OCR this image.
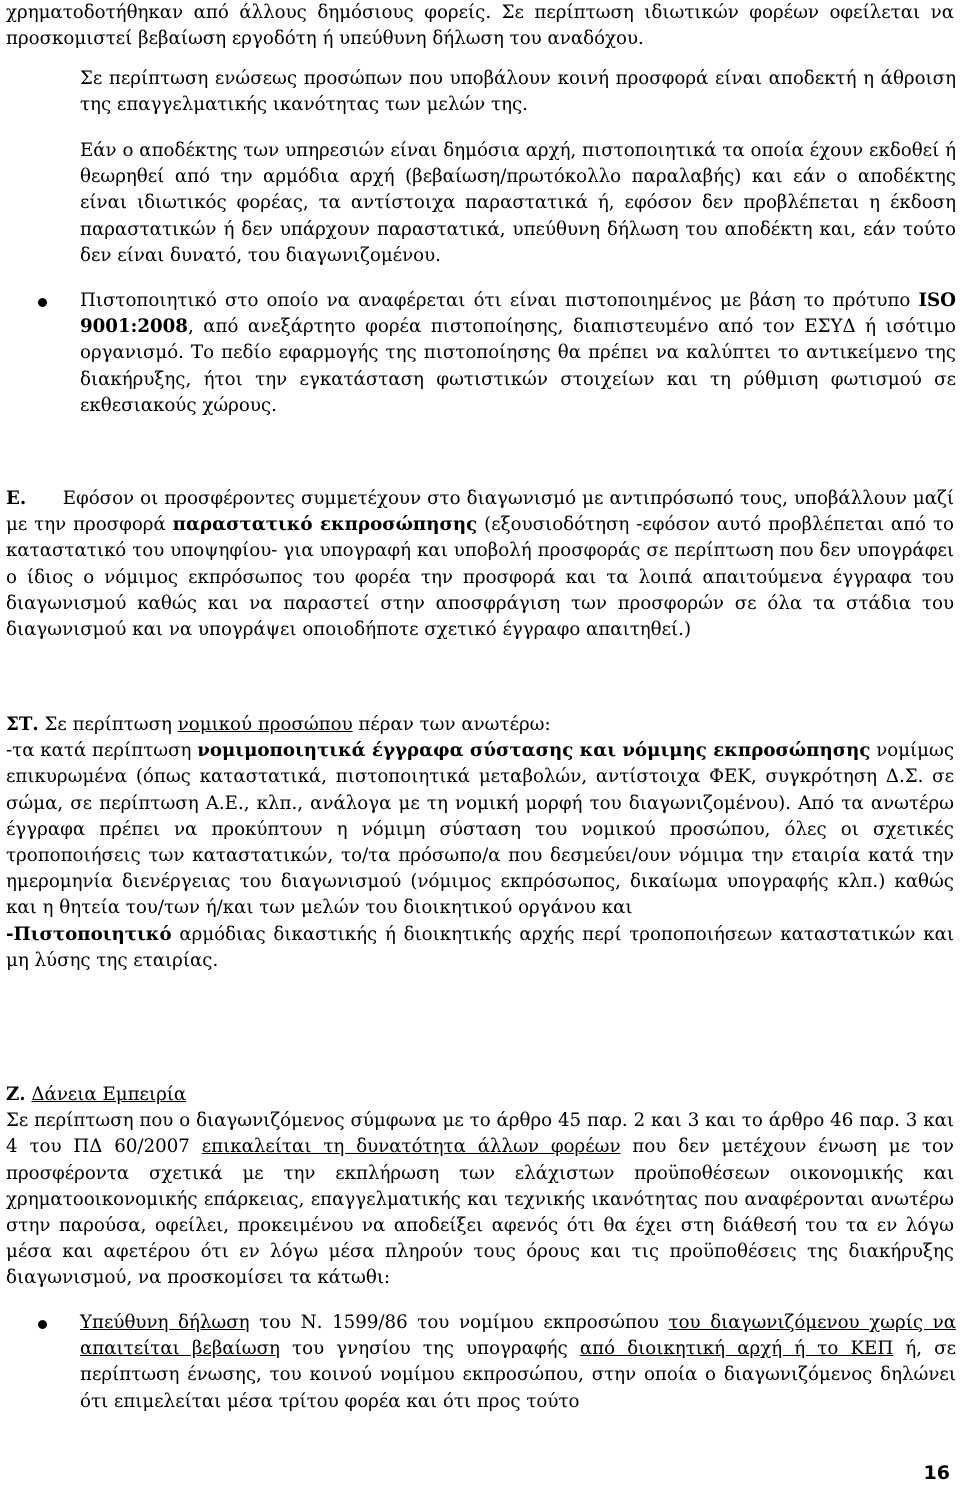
χρηματοδοτήθηκαν από άλλους δημόσιους φορείς. Σε περίπτωση ιδιωτικών φορέων οφείλεται να προσκομιστεί βεβαίωση εργοδότη ή υπεύθυνη δήλωση του αναδόχου.
Σε περίπτωση ενώσεως προσώπων που υποβάλουν κοινή προσφορά είναι αποδεκτή η άθροιση της επαγγελματικής ικανότητας των μελών της.
Εάν ο αποδέκτης των υπηρεσιών είναι δημόσια αρχή, πιστοποιητικά τα οποία έχουν εκδοθεί ή θεωρηθεί από την αρμόδια αρχή (βεβαίωση/πρωτόκολλο παραλαβής) και εάν ο αποδέκτης είναι ιδιωτικός φορέας, τα αντίστοιχα παραστατικά ή, εφόσον δεν προβλέπεται η έκδοση παραστατικών ή δεν υπάρχουν παραστατικά, υπεύθυνη δήλωση του αποδέκτη και, εάν τούτο δεν είναι δυνατό, του διαγωνιζομένου.
Πιστοποιητικό στο οποίο να αναφέρεται ότι είναι πιστοποιημένος με βάση το πρότυπο ISO 9001:2008, από ανεξάρτητο φορέα πιστοποίησης, διαπιστευμένο από τον ΕΣΥΔ ή ισότιμο οργανισμό. Το πεδίο εφαρμογής της πιστοποίησης θα πρέπει να καλύπτει το αντικείμενο της διακήρυξης, ήτοι την εγκατάσταση φωτιστικών στοιχείων και τη ρύθμιση φωτισμού σε εκθεσιακούς χώρους.
Ε. Εφόσον οι προσφέροντες συμμετέχουν στο διαγωνισμό με αντιπρόσωπό τους, υποβάλλουν μαζί με την προσφορά παραστατικό εκπροσώπησης (εξουσιοδότηση -εφόσον αυτό προβλέπεται από το καταστατικό του υποψηφίου- για υπογραφή και υποβολή προσφοράς σε περίπτωση που δεν υπογράφει ο ίδιος ο νόμιμος εκπρόσωπος του φορέα την προσφορά και τα λοιπά απαιτούμενα έγγραφα του διαγωνισμού καθώς και να παραστεί στην αποσφράγιση των προσφορών σε όλα τα στάδια του διαγωνισμού και να υπογράψει οποιοδήποτε σχετικό έγγραφο απαιτηθεί.)
ΣΤ. Σε περίπτωση νομικού προσώπου πέραν των ανωτέρω:
-τα κατά περίπτωση νομιμοποιητικά έγγραφα σύστασης και νόμιμης εκπροσώπησης νομίμως επικυρωμένα (όπως καταστατικά, πιστοποιητικά μεταβολών, αντίστοιχα ΦΕΚ, συγκρότηση Δ.Σ. σε σώμα, σε περίπτωση Α.Ε., κλπ., ανάλογα με τη νομική μορφή του διαγωνιζομένου). Από τα ανωτέρω έγγραφα πρέπει να προκύπτουν η νόμιμη σύσταση του νομικού προσώπου, όλες οι σχετικές τροποποιήσεις των καταστατικών, το/τα πρόσωπο/α που δεσμεύει/ουν νόμιμα την εταιρία κατά την ημερομηνία διενέργειας του διαγωνισμού (νόμιμος εκπρόσωπος, δικαίωμα υπογραφής κλπ.) καθώς και η θητεία του/των ή/και των μελών του διοικητικού οργάνου και
-Πιστοποιητικό αρμόδιας δικαστικής ή διοικητικής αρχής περί τροποποιήσεων καταστατικών και μη λύσης της εταιρίας.
Ζ. Δάνεια Εμπειρία
Σε περίπτωση που ο διαγωνιζόμενος σύμφωνα με το άρθρο 45 παρ. 2 και 3 και το άρθρο 46 παρ. 3 και 4 του ΠΔ 60/2007 επικαλείται τη δυνατότητα άλλων φορέων που δεν μετέχουν ένωση με τον προσφέροντα σχετικά με την εκπλήρωση των ελάχιστων προϋποθέσεων οικονομικής και χρηματοοικονομικής επάρκειας, επαγγελματικής και τεχνικής ικανότητας που αναφέρονται ανωτέρω στην παρούσα, οφείλει, προκειμένου να αποδείξει αφενός ότι θα έχει στη διάθεσή του τα εν λόγω μέσα και αφετέρου ότι εν λόγω μέσα πληρούν τους όρους και τις προϋποθέσεις της διακήρυξης διαγωνισμού, να προσκομίσει τα κάτωθι:
Υπεύθυνη δήλωση του Ν. 1599/86 του νομίμου εκπροσώπου του διαγωνιζόμενου χωρίς να απαιτείται βεβαίωση του γνησίου της υπογραφής από διοικητική αρχή ή το ΚΕΠ ή, σε περίπτωση ένωσης, του κοινού νομίμου εκπροσώπου, στην οποία ο διαγωνιζόμενος δηλώνει ότι επιμελείται μέσα τρίτου φορέα και ότι προς τούτο
16
